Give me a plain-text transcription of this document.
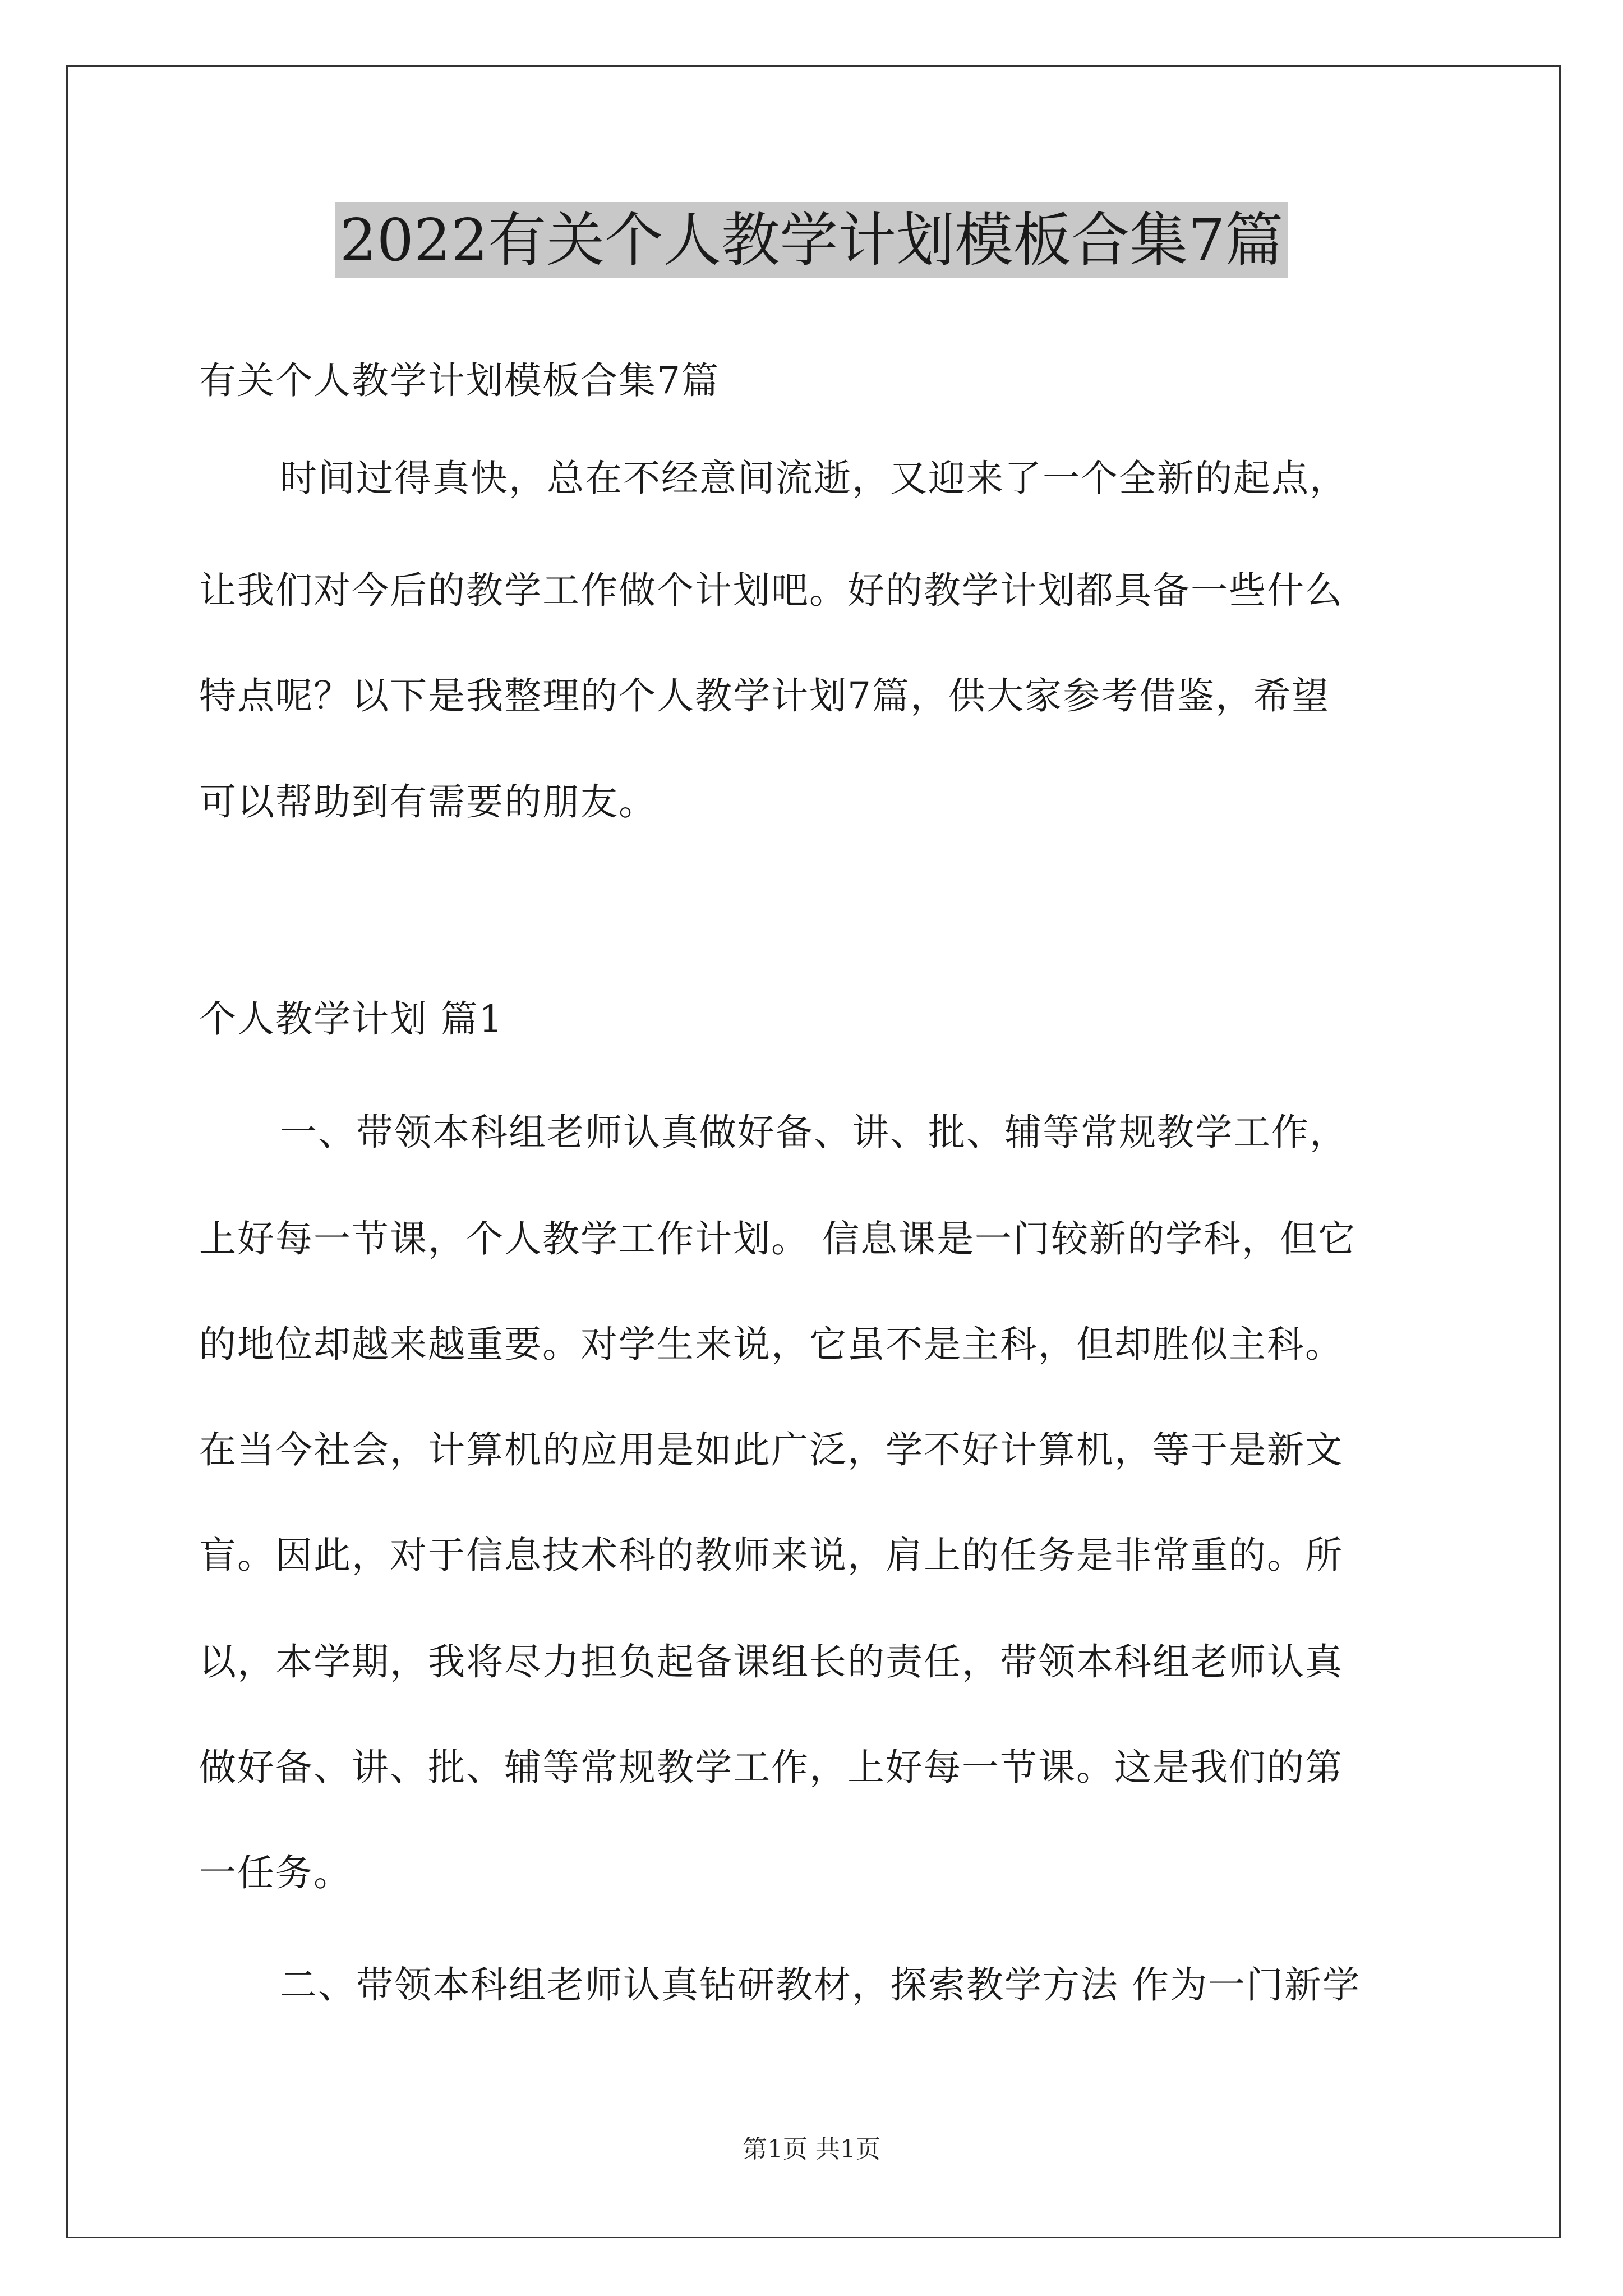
2022有关个人教学计划模板合集7篇
有关个人教学计划模板合集7篇
时间过得真快，总在不经意间流逝，又迎来了一个全新的起点，
让我们对今后的教学工作做个计划吧。好的教学计划都具备一些什么
特点呢？以下是我整理的个人教学计划7篇，供大家参考借鉴，希望
可以帮助到有需要的朋友。
个人教学计划 篇1
一、带领本科组老师认真做好备、讲、批、辅等常规教学工作，
上好每一节课，个人教学工作计划。 信息课是一门较新的学科，但它
的地位却越来越重要。对学生来说，它虽不是主科，但却胜似主科。
在当今社会，计算机的应用是如此广泛，学不好计算机，等于是新文
盲。因此，对于信息技术科的教师来说，肩上的任务是非常重的。所
以，本学期，我将尽力担负起备课组长的责任，带领本科组老师认真
做好备、讲、批、辅等常规教学工作，上好每一节课。这是我们的第
一任务。
二、带领本科组老师认真钻研教材，探索教学方法 作为一门新学
第1页 共1页
